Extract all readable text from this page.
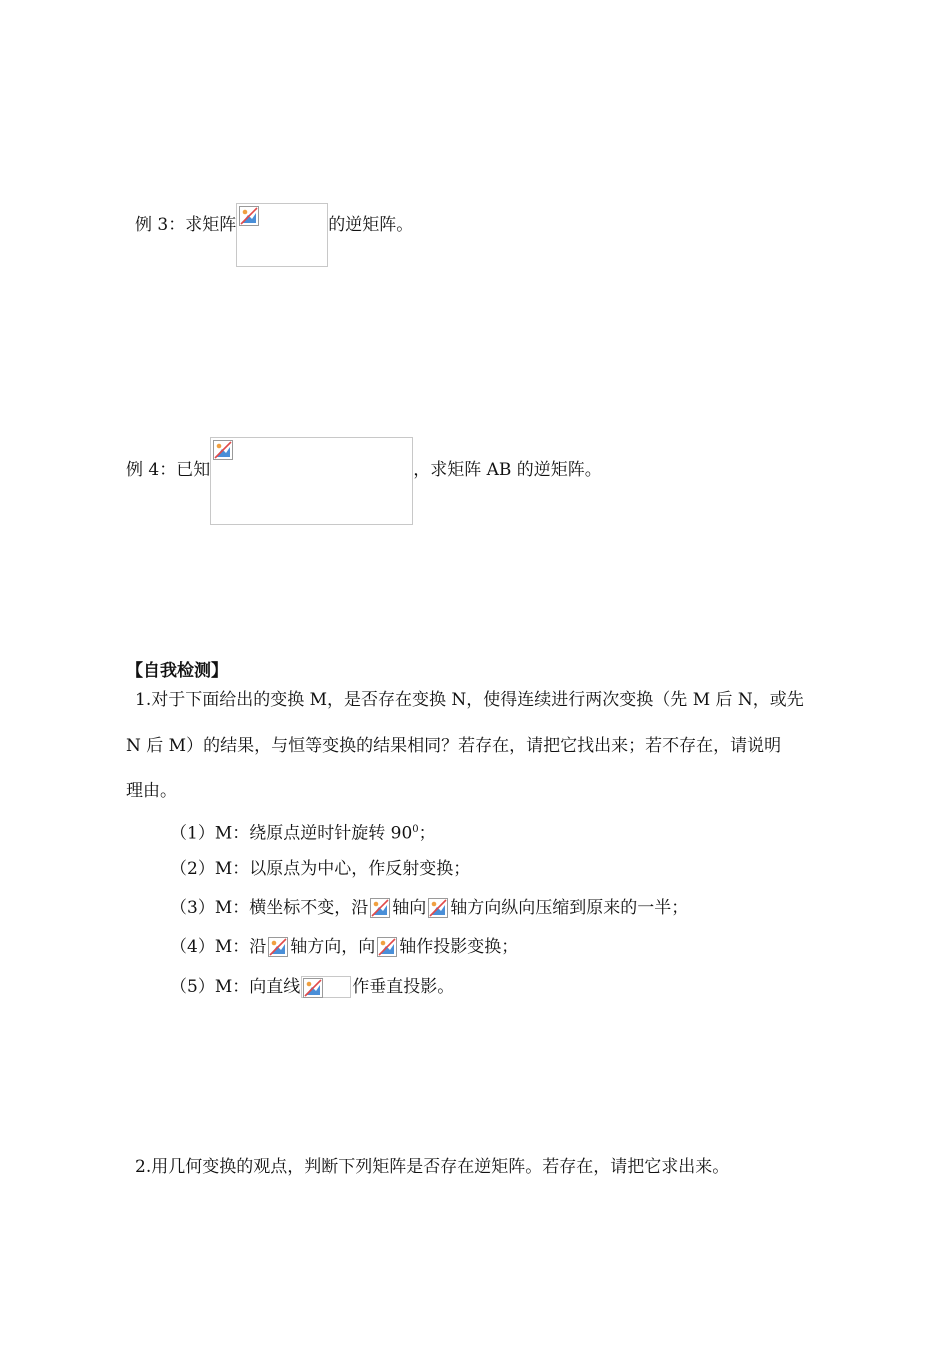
例 3：求矩阵	的逆矩阵。
例 4：已知	，求矩阵 AB 的逆矩阵。
【自我检测】
1.对于下面给出的变换 M，是否存在变换 N，使得连续进行两次变换（先 M 后 N，或先
N 后 M）的结果，与恒等变换的结果相同？若存在，请把它找出来；若不存在，请说明
理由。
（1）M：绕原点逆时针旋转 $90^0$；
（2）M：以原点为中心，作反射变换；
（3）M：横坐标不变，沿 轴向 轴方向纵向压缩到原来的一半；
（4）M：沿 轴方向，向 轴作投影变换；
（5）M：向直线	作垂直投影。
2.用几何变换的观点，判断下列矩阵是否存在逆矩阵。若存在，请把它求出来。
